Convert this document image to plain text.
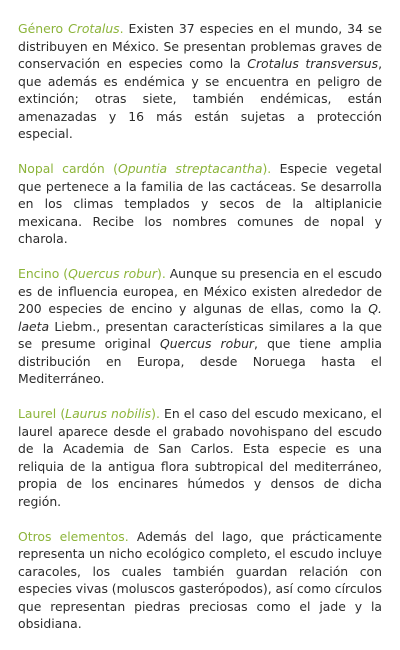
Género Crotalus. Existen 37 especies en el mundo, 34 se distribuyen en México. Se presentan problemas graves de conservación en especies como la Crotalus transversus, que además es endémica y se encuentra en peligro de extinción; otras siete, también endémicas, están amenazadas y 16 más están sujetas a protección especial.

Nopal cardón (Opuntia streptacantha). Especie vegetal que pertenece a la familia de las cactáceas. Se desarrolla en los climas templados y secos de la altiplanicie mexicana. Recibe los nombres comunes de nopal y charola.

Encino (Quercus robur). Aunque su presencia en el escudo es de influencia europea, en México existen alrededor de 200 especies de encino y algunas de ellas, como la Q. laeta Liebm., presentan características similares a la que se presume original Quercus robur, que tiene amplia distribución en Europa, desde Noruega hasta el Mediterráneo.

Laurel (Laurus nobilis). En el caso del escudo mexicano, el laurel aparece desde el grabado novohispano del escudo de la Academia de San Carlos. Esta especie es una reliquia de la antigua flora subtropical del mediterráneo, propia de los encinares húmedos y densos de dicha región.

Otros elementos. Además del lago, que prácticamente representa un nicho ecológico completo, el escudo incluye caracoles, los cuales también guardan relación con especies vivas (moluscos gasterópodos), así como círculos que representan piedras preciosas como el jade y la obsidiana.
